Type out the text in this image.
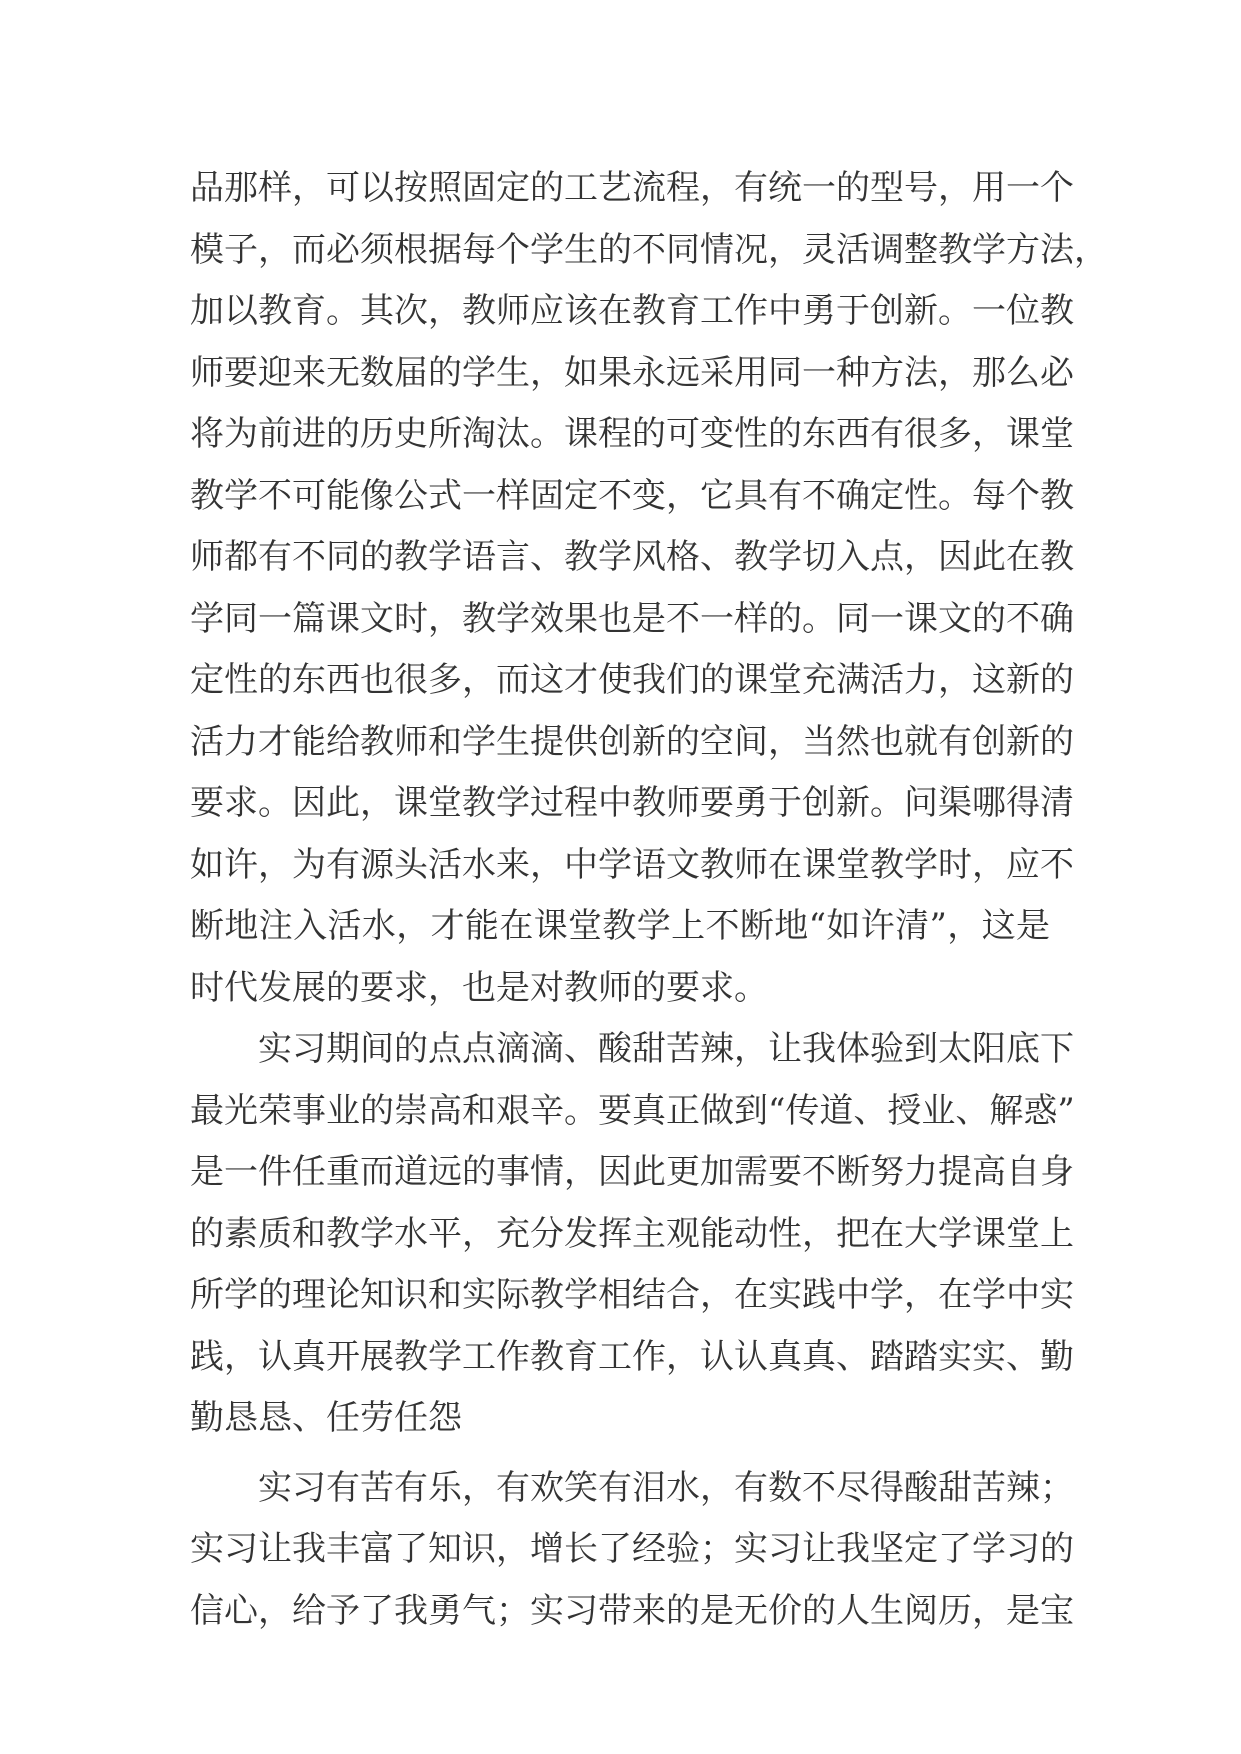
品那样，可以按照固定的工艺流程，有统一的型号，用一个
模子，而必须根据每个学生的不同情况，灵活调整教学方法，
加以教育。其次，教师应该在教育工作中勇于创新。一位教
师要迎来无数届的学生，如果永远采用同一种方法，那么必
将为前进的历史所淘汰。课程的可变性的东西有很多，课堂
教学不可能像公式一样固定不变，它具有不确定性。每个教
师都有不同的教学语言、教学风格、教学切入点，因此在教
学同一篇课文时，教学效果也是不一样的。同一课文的不确
定性的东西也很多，而这才使我们的课堂充满活力，这新的
活力才能给教师和学生提供创新的空间，当然也就有创新的
要求。因此，课堂教学过程中教师要勇于创新。问渠哪得清
如许，为有源头活水来，中学语文教师在课堂教学时，应不
断地注入活水，才能在课堂教学上不断地“如许清”，这是
时代发展的要求，也是对教师的要求。
实习期间的点点滴滴、酸甜苦辣，让我体验到太阳底下
最光荣事业的崇高和艰辛。要真正做到“传道、授业、解惑”
是一件任重而道远的事情，因此更加需要不断努力提高自身
的素质和教学水平，充分发挥主观能动性，把在大学课堂上
所学的理论知识和实际教学相结合，在实践中学，在学中实
践，认真开展教学工作教育工作，认认真真、踏踏实实、勤
勤恳恳、任劳任怨
实习有苦有乐，有欢笑有泪水，有数不尽得酸甜苦辣；
实习让我丰富了知识，增长了经验；实习让我坚定了学习的
信心，给予了我勇气；实习带来的是无价的人生阅历，是宝
